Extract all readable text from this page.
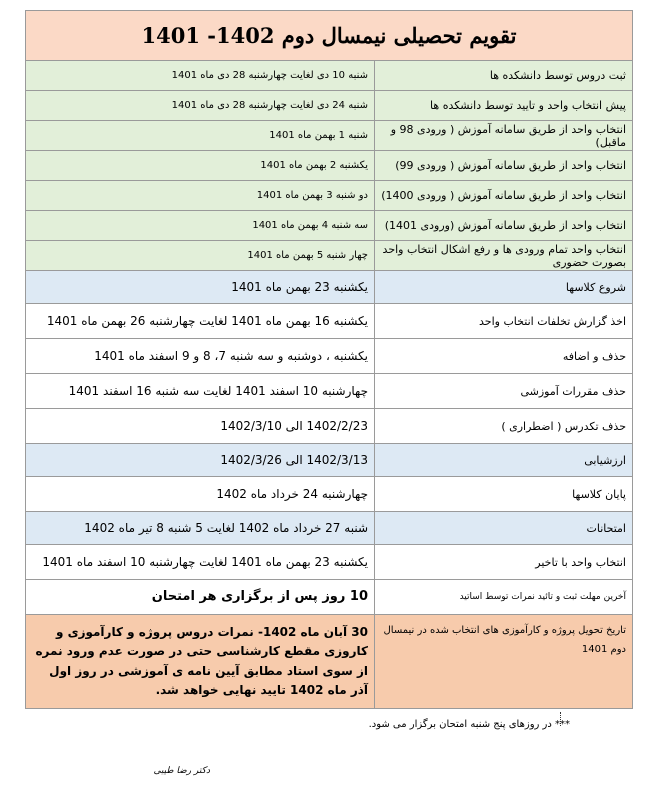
تقویم تحصیلی نیمسال دوم 1402- 1401	
ثبت دروس توسط دانشکده ها	شنبه 10 دی لغایت چهارشنبه 28 دی ماه 1401
پیش انتخاب واحد و تایید توسط دانشکده ها	شنبه 24 دی لغایت چهارشنبه 28 دی ماه 1401
انتخاب واحد از طریق سامانه آموزش ( ورودی 98 و ماقبل)	شنبه 1 بهمن ماه 1401
انتخاب واحد از طریق سامانه آموزش ( ورودی 99)	یکشنبه 2 بهمن ماه 1401
انتخاب واحد از طریق سامانه آموزش ( ورودی 1400)	دو شنبه 3 بهمن ماه 1401
انتخاب واحد از طریق سامانه آموزش (ورودی 1401)	سه شنبه 4 بهمن ماه 1401
انتخاب واحد تمام ورودی ها و رفع اشکال انتخاب واحد بصورت حضوری	چهار شنبه 5 بهمن ماه 1401
شروع کلاسها	یکشنبه 23 بهمن ماه 1401
اخذ گزارش تخلفات انتخاب واحد	یکشنبه 16 بهمن ماه 1401 لغایت چهارشنبه 26 بهمن ماه 1401
حذف و اضافه	یکشنبه ، دوشنبه و سه شنبه 7، 8 و 9 اسفند ماه 1401
حذف مقررات آموزشی	چهارشنبه 10 اسفند 1401 لغایت سه شنبه 16 اسفند 1401
حذف تکدرس ( اضطراری )	1402/2/23 الی 1402/3/10
ارزشیابی	1402/3/13 الی 1402/3/26
پایان کلاسها	چهارشنبه 24 خرداد ماه 1402
امتحانات	شنبه 27 خرداد ماه 1402 لغایت 5 شنبه 8 تیر ماه 1402
انتخاب واحد با تاخیر	یکشنبه 23 بهمن ماه 1401 لغایت چهارشنبه 10 اسفند ماه 1401
آخرین مهلت ثبت و تائید نمرات توسط اساتید	10 روز پس از برگزاری هر امتحان
تاریخ تحویل پروژه و کارآموزی های انتخاب شده در نیمسال دوم 1401	30 آبان ماه 1402- نمرات دروس پروژه و کارآموزی و کاروزی مقطع کارشناسی حتی در صورت عدم ورود نمره از سوی استاد مطابق آیین نامه ی آموزشی در روز اول آذر ماه 1402 تایید نهایی خواهد شد.
*** در روزهای پنج شنبه امتحان برگزار می شود.
دکتر رضا طیبی
